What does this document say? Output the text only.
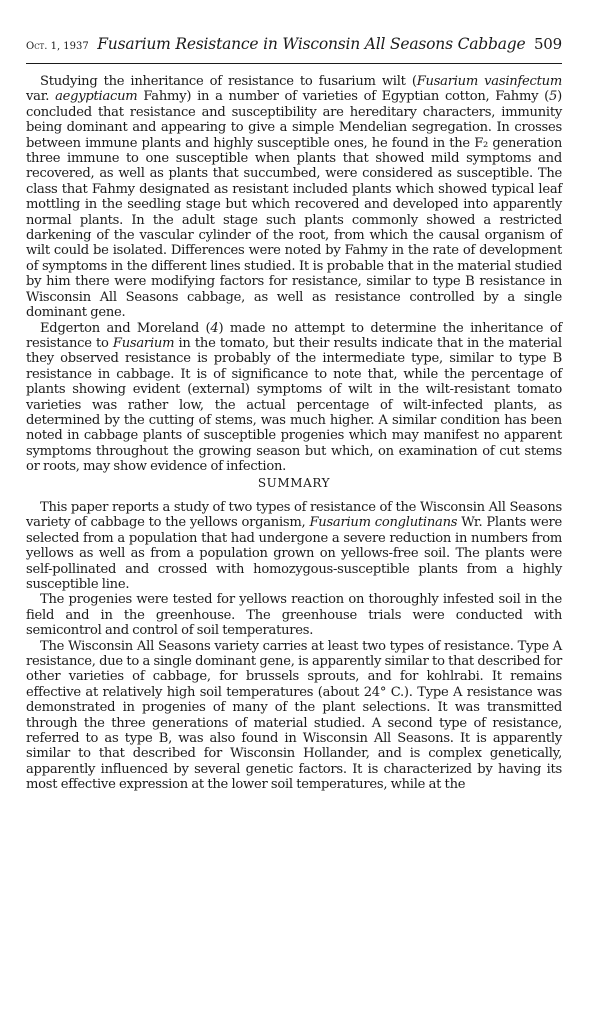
Oct. 1, 1937 Fusarium Resistance in Wisconsin All Seasons Cabbage 509

Studying the inheritance of resistance to fusarium wilt (Fusarium vasinfectum var. aegyptiacum Fahmy) in a number of varieties of Egyptian cotton, Fahmy (5) concluded that resistance and susceptibility are hereditary characters, immunity being dominant and appearing to give a simple Mendelian segregation. In crosses between immune plants and highly susceptible ones, he found in the F₂ generation three immune to one susceptible when plants that showed mild symptoms and recovered, as well as plants that succumbed, were considered as susceptible. The class that Fahmy designated as resistant included plants which showed typical leaf mottling in the seedling stage but which recovered and developed into apparently normal plants. In the adult stage such plants commonly showed a restricted darkening of the vascular cylinder of the root, from which the causal organism of wilt could be isolated. Differences were noted by Fahmy in the rate of development of symptoms in the different lines studied. It is probable that in the material studied by him there were modifying factors for resistance, similar to type B resistance in Wisconsin All Seasons cabbage, as well as resistance controlled by a single dominant gene.

Edgerton and Moreland (4) made no attempt to determine the inheritance of resistance to Fusarium in the tomato, but their results indicate that in the material they observed resistance is probably of the intermediate type, similar to type B resistance in cabbage. It is of significance to note that, while the percentage of plants showing evident (external) symptoms of wilt in the wilt-resistant tomato varieties was rather low, the actual percentage of wilt-infected plants, as determined by the cutting of stems, was much higher. A similar condition has been noted in cabbage plants of susceptible progenies which may manifest no apparent symptoms throughout the growing season but which, on examination of cut stems or roots, may show evidence of infection.

SUMMARY

This paper reports a study of two types of resistance of the Wisconsin All Seasons variety of cabbage to the yellows organism, Fusarium conglutinans Wr. Plants were selected from a population that had undergone a severe reduction in numbers from yellows as well as from a population grown on yellows-free soil. The plants were self-pollinated and crossed with homozygous-susceptible plants from a highly susceptible line.

The progenies were tested for yellows reaction on thoroughly infested soil in the field and in the greenhouse. The greenhouse trials were conducted with semicontrol and control of soil temperatures.

The Wisconsin All Seasons variety carries at least two types of resistance. Type A resistance, due to a single dominant gene, is apparently similar to that described for other varieties of cabbage, for brussels sprouts, and for kohlrabi. It remains effective at relatively high soil temperatures (about 24° C.). Type A resistance was demonstrated in progenies of many of the plant selections. It was transmitted through the three generations of material studied. A second type of resistance, referred to as type B, was also found in Wisconsin All Seasons. It is apparently similar to that described for Wisconsin Hollander, and is complex genetically, apparently influenced by several genetic factors. It is characterized by having its most effective expression at the lower soil temperatures, while at the
